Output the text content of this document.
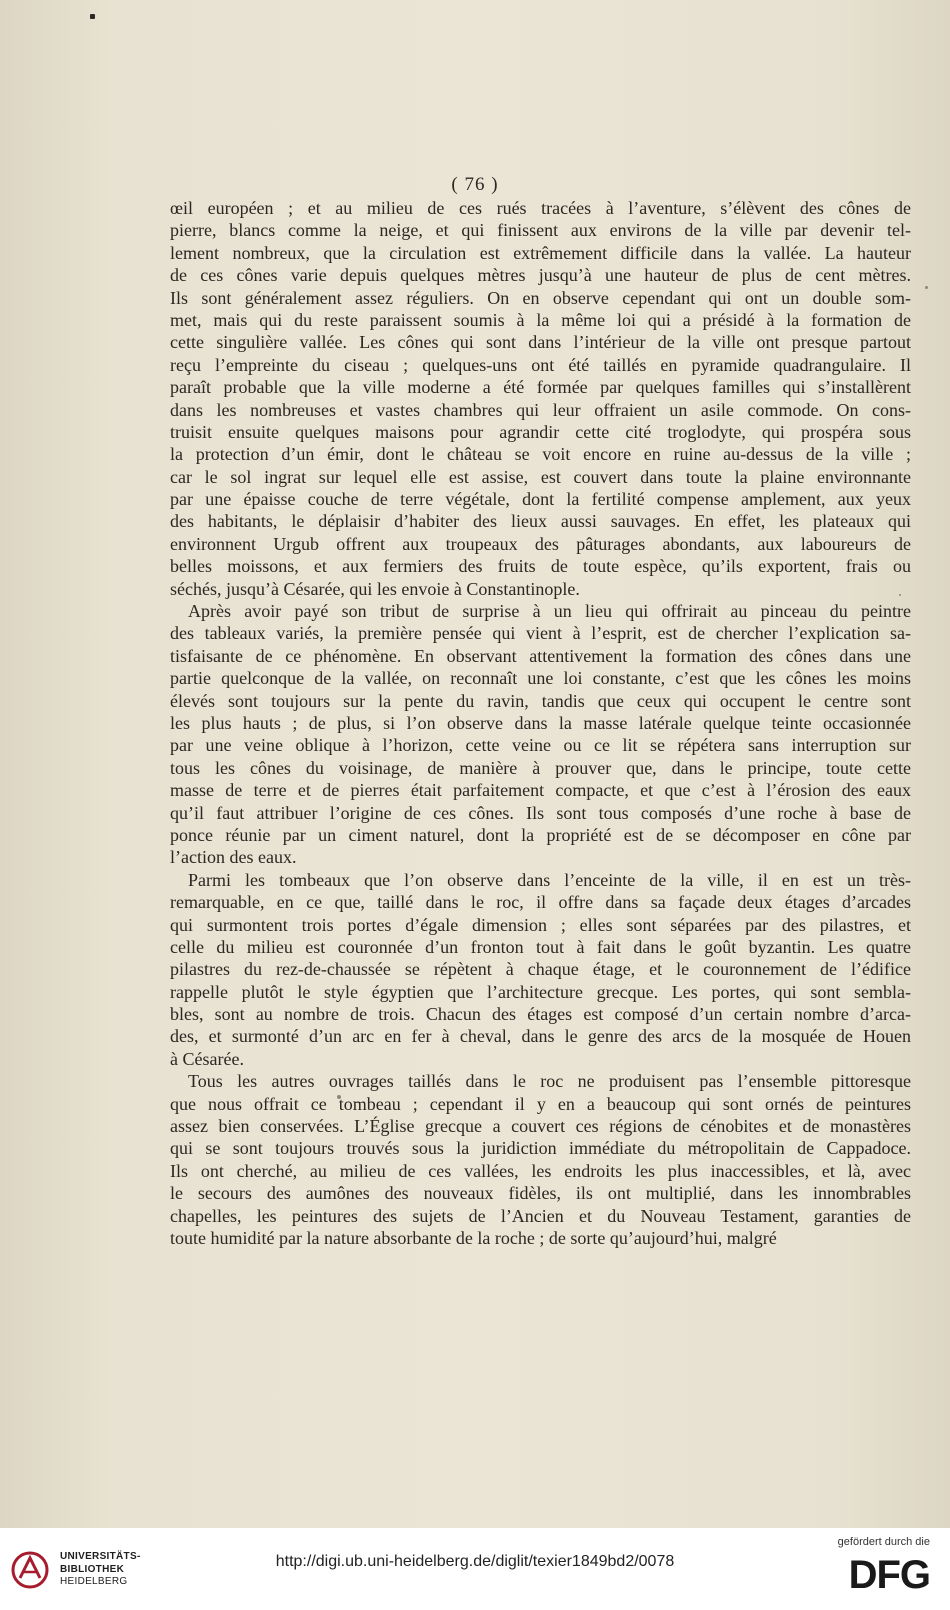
( 76 )
œil européen ; et au milieu de ces rués tracées à l’aventure, s’élèvent des cônes de
pierre, blancs comme la neige, et qui finissent aux environs de la ville par devenir tel-
lement nombreux, que la circulation est extrêmement difficile dans la vallée. La hauteur
de ces cônes varie depuis quelques mètres jusqu’à une hauteur de plus de cent mètres.
Ils sont généralement assez réguliers. On en observe cependant qui ont un double som-
met, mais qui du reste paraissent soumis à la même loi qui a présidé à la formation de
cette singulière vallée. Les cônes qui sont dans l’intérieur de la ville ont presque partout
reçu l’empreinte du ciseau ; quelques-uns ont été taillés en pyramide quadrangulaire. Il
paraît probable que la ville moderne a été formée par quelques familles qui s’installèrent
dans les nombreuses et vastes chambres qui leur offraient un asile commode. On cons-
truisit ensuite quelques maisons pour agrandir cette cité troglodyte, qui prospéra sous
la protection d’un émir, dont le château se voit encore en ruine au-dessus de la ville ;
car le sol ingrat sur lequel elle est assise, est couvert dans toute la plaine environnante
par une épaisse couche de terre végétale, dont la fertilité compense amplement, aux yeux
des habitants, le déplaisir d’habiter des lieux aussi sauvages. En effet, les plateaux qui
environnent Urgub offrent aux troupeaux des pâturages abondants, aux laboureurs de
belles moissons, et aux fermiers des fruits de toute espèce, qu’ils exportent, frais ou
séchés, jusqu’à Césarée, qui les envoie à Constantinople.
Après avoir payé son tribut de surprise à un lieu qui offrirait au pinceau du peintre
des tableaux variés, la première pensée qui vient à l’esprit, est de chercher l’explication sa-
tisfaisante de ce phénomène. En observant attentivement la formation des cônes dans une
partie quelconque de la vallée, on reconnaît une loi constante, c’est que les cônes les moins
élevés sont toujours sur la pente du ravin, tandis que ceux qui occupent le centre sont
les plus hauts ; de plus, si l’on observe dans la masse latérale quelque teinte occasionnée
par une veine oblique à l’horizon, cette veine ou ce lit se répétera sans interruption sur
tous les cônes du voisinage, de manière à prouver que, dans le principe, toute cette
masse de terre et de pierres était parfaitement compacte, et que c’est à l’érosion des eaux
qu’il faut attribuer l’origine de ces cônes. Ils sont tous composés d’une roche à base de
ponce réunie par un ciment naturel, dont la propriété est de se décomposer en cône par
l’action des eaux.
Parmi les tombeaux que l’on observe dans l’enceinte de la ville, il en est un très-
remarquable, en ce que, taillé dans le roc, il offre dans sa façade deux étages d’arcades
qui surmontent trois portes d’égale dimension ; elles sont séparées par des pilastres, et
celle du milieu est couronnée d’un fronton tout à fait dans le goût byzantin. Les quatre
pilastres du rez-de-chaussée se répètent à chaque étage, et le couronnement de l’édifice
rappelle plutôt le style égyptien que l’architecture grecque. Les portes, qui sont sembla-
bles, sont au nombre de trois. Chacun des étages est composé d’un certain nombre d’arca-
des, et surmonté d’un arc en fer à cheval, dans le genre des arcs de la mosquée de Houen
à Césarée.
Tous les autres ouvrages taillés dans le roc ne produisent pas l’ensemble pittoresque
que nous offrait ce tombeau ; cependant il y en a beaucoup qui sont ornés de peintures
assez bien conservées. L’Église grecque a couvert ces régions de cénobites et de monastères
qui se sont toujours trouvés sous la juridiction immédiate du métropolitain de Cappadoce.
Ils ont cherché, au milieu de ces vallées, les endroits les plus inaccessibles, et là, avec
le secours des aumônes des nouveaux fidèles, ils ont multiplié, dans les innombrables
chapelles, les peintures des sujets de l’Ancien et du Nouveau Testament, garanties de
toute humidité par la nature absorbante de la roche ; de sorte qu’aujourd’hui, malgré
UNIVERSITÄTS-
BIBLIOTHEK
HEIDELBERG
http://digi.ub.uni-heidelberg.de/diglit/texier1849bd2/0078
gefördert durch die
DFG
